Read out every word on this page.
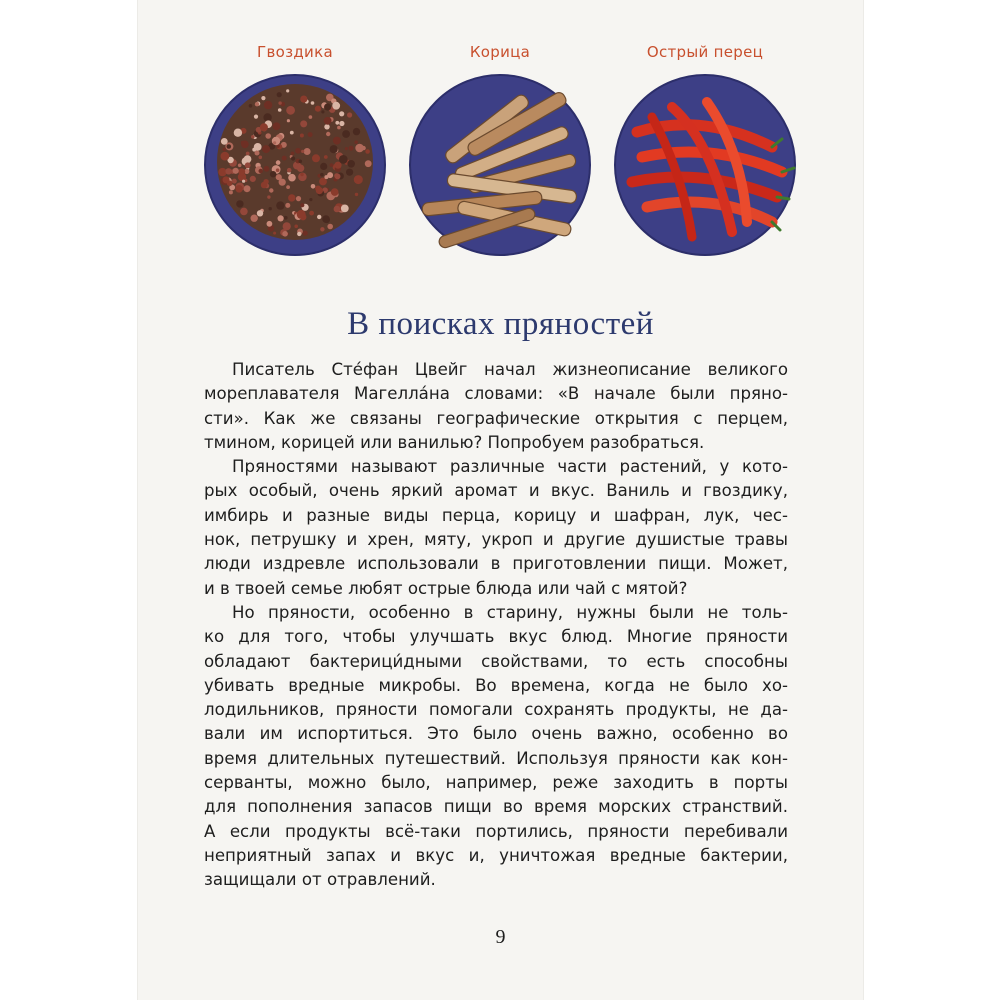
Гвоздика	Корица	Острый перец
В поисках пряностей
Писатель Сте́фан Цвейг начал жизнеописание великого
мореплавателя Магелла́на словами: «В начале были пряно-
сти». Как же связаны географические открытия с перцем,
тмином, корицей или ванилью? Попробуем разобраться.
Пряностями называют различные части растений, у кото-
рых особый, очень яркий аромат и вкус. Ваниль и гвоздику,
имбирь и разные виды перца, корицу и шафран, лук, чес-
нок, петрушку и хрен, мяту, укроп и другие душистые травы
люди издревле использовали в приготовлении пищи. Может,
и в твоей семье любят острые блюда или чай с мятой?
Но пряности, особенно в старину, нужны были не толь-
ко для того, чтобы улучшать вкус блюд. Многие пряности
обладают бактерици́дными свойствами, то есть способны
убивать вредные микробы. Во времена, когда не было хо-
лодильников, пряности помогали сохранять продукты, не да-
вали им испортиться. Это было очень важно, особенно во
время длительных путешествий. Используя пряности как кон-
серванты, можно было, например, реже заходить в порты
для пополнения запасов пищи во время морских странствий.
А если продукты всё-таки портились, пряности перебивали
неприятный запах и вкус и, уничтожая вредные бактерии,
защищали от отравлений.
9
